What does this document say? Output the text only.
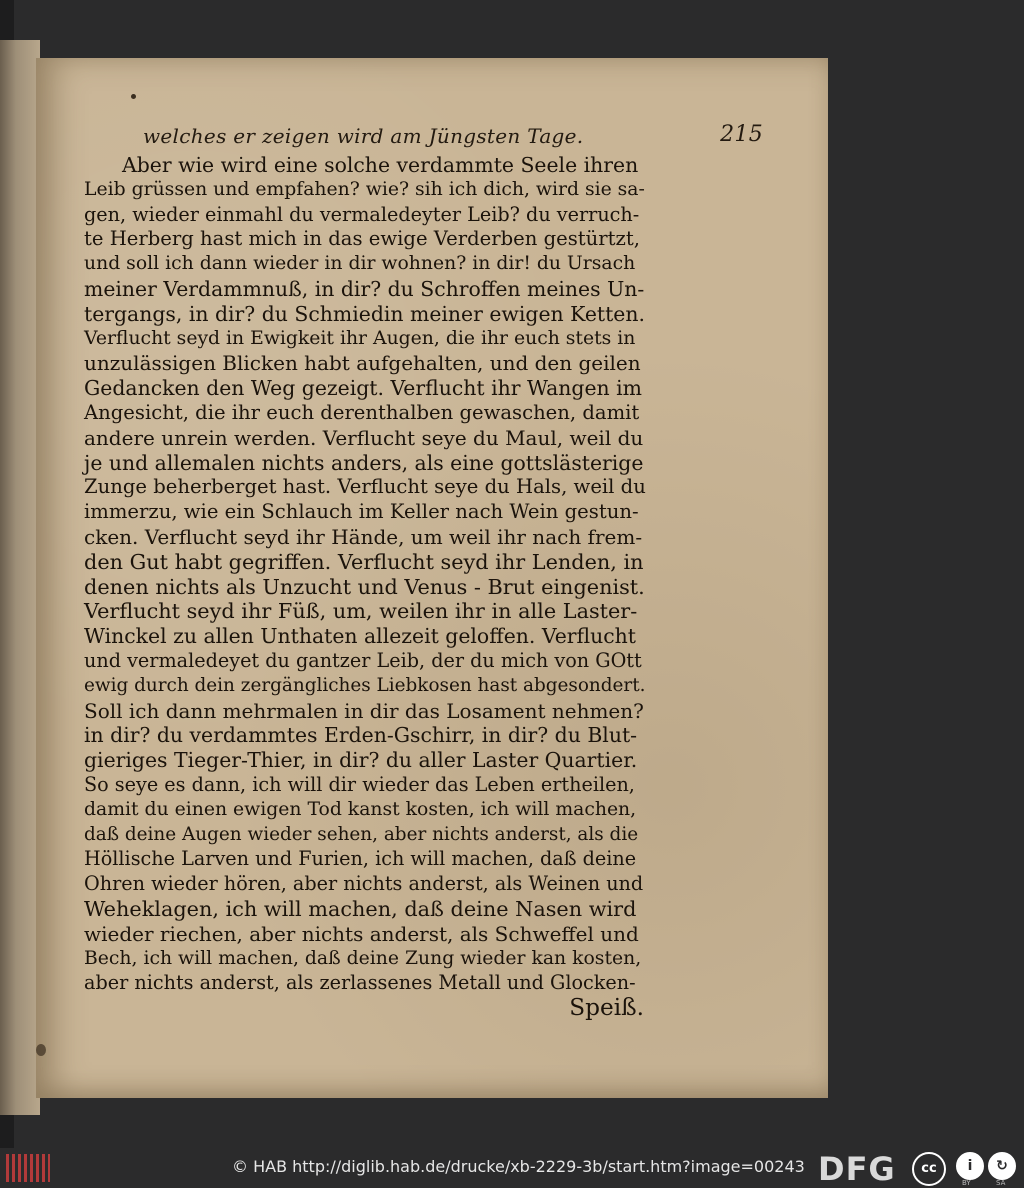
welches er zeigen wird am Jüngsten Tage.	215
Aber wie wird eine solche verdammte Seele ihren
Leib grüssen und empfahen? wie? sih ich dich, wird sie sa-
gen, wieder einmahl du vermaledeyter Leib? du verruch-
te Herberg hast mich in das ewige Verderben gestürtzt,
und soll ich dann wieder in dir wohnen? in dir! du Ursach
meiner Verdammnuß, in dir? du Schroffen meines Un-
tergangs, in dir? du Schmiedin meiner ewigen Ketten.
Verflucht seyd in Ewigkeit ihr Augen, die ihr euch stets in
unzulässigen Blicken habt aufgehalten, und den geilen
Gedancken den Weg gezeigt. Verflucht ihr Wangen im
Angesicht, die ihr euch derenthalben gewaschen, damit
andere unrein werden. Verflucht seye du Maul, weil du
je und allemalen nichts anders, als eine gottslästerige
Zunge beherberget hast. Verflucht seye du Hals, weil du
immerzu, wie ein Schlauch im Keller nach Wein gestun-
cken. Verflucht seyd ihr Hände, um weil ihr nach frem-
den Gut habt gegriffen. Verflucht seyd ihr Lenden, in
denen nichts als Unzucht und Venus - Brut eingenist.
Verflucht seyd ihr Füß, um, weilen ihr in alle Laster-
Winckel zu allen Unthaten allezeit geloffen. Verflucht
und vermaledeyet du gantzer Leib, der du mich von GOtt
ewig durch dein zergängliches Liebkosen hast abgesondert.
Soll ich dann mehrmalen in dir das Losament nehmen?
in dir? du verdammtes Erden-Gschirr, in dir? du Blut-
gieriges Tieger-Thier, in dir? du aller Laster Quartier.
So seye es dann, ich will dir wieder das Leben ertheilen,
damit du einen ewigen Tod kanst kosten, ich will machen,
daß deine Augen wieder sehen, aber nichts anderst, als die
Höllische Larven und Furien, ich will machen, daß deine
Ohren wieder hören, aber nichts anderst, als Weinen und
Weheklagen, ich will machen, daß deine Nasen wird
wieder riechen, aber nichts anderst, als Schweffel und
Bech, ich will machen, daß deine Zung wieder kan kosten,
aber nichts anderst, als zerlassenes Metall und Glocken-
Speiß.
© HAB http://diglib.hab.de/drucke/xb-2229-3b/start.htm?image=00243 DFG	cc	i	↻
BY	SA
